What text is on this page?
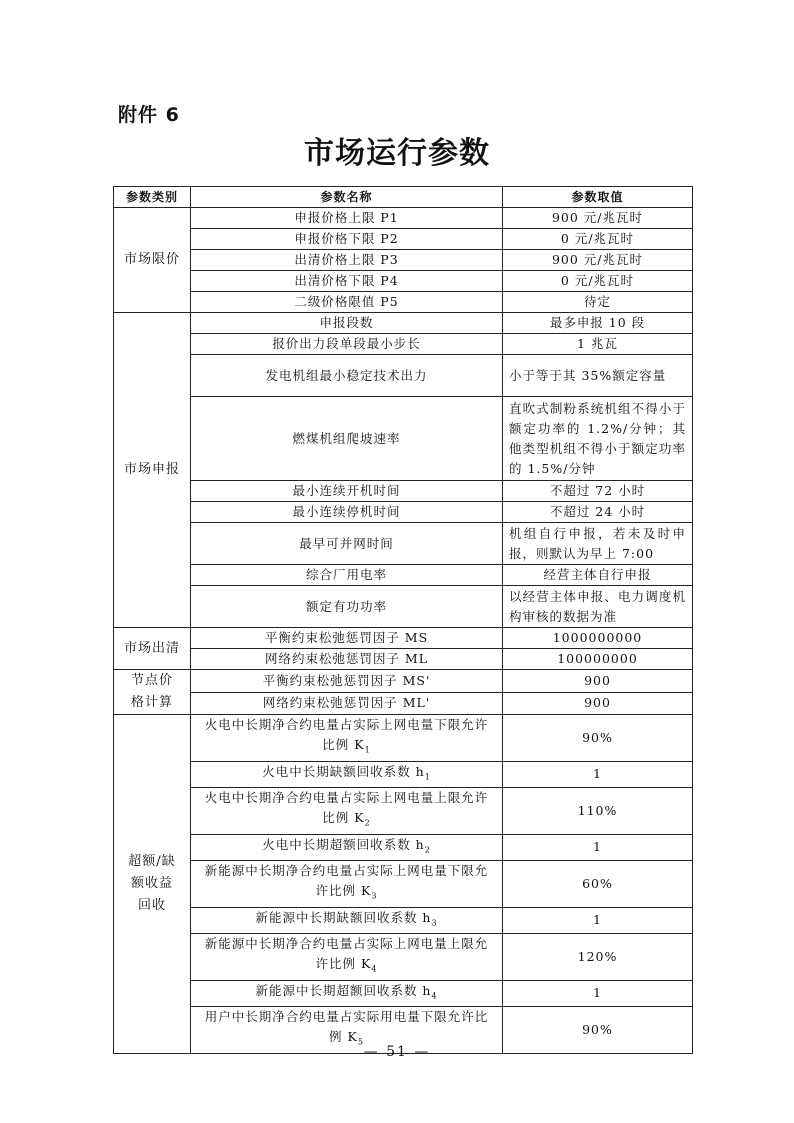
附件 6
市场运行参数
参数类别	参数名称	参数取值
市场限价	申报价格上限 P1	900 元/兆瓦时
	申报价格下限 P2	0 元/兆瓦时
	出清价格上限 P3	900 元/兆瓦时
	出清价格下限 P4	0 元/兆瓦时
	二级价格限值 P5	待定
市场申报	申报段数	最多申报 10 段
	报价出力段单段最小步长	1 兆瓦
	发电机组最小稳定技术出力	小于等于其 35%额定容量
	燃煤机组爬坡速率	直吹式制粉系统机组不得小于额定功率的 1.2%/分钟；其他类型机组不得小于额定功率的 1.5%/分钟
	最小连续开机时间	不超过 72 小时
	最小连续停机时间	不超过 24 小时
	最早可并网时间	机组自行申报，若未及时申报，则默认为早上 7:00
	综合厂用电率	经营主体自行申报
	额定有功功率	以经营主体申报、电力调度机构审核的数据为准
市场出清	平衡约束松弛惩罚因子 MS	1000000000
	网络约束松弛惩罚因子 ML	100000000
节点价格计算	平衡约束松弛惩罚因子 MS'	900
	网络约束松弛惩罚因子 ML'	900
超额/缺额收益回收	火电中长期净合约电量占实际上网电量下限允许比例 $K_1$	90%
	火电中长期缺额回收系数 $h_1$	1
	火电中长期净合约电量占实际上网电量上限允许比例 $K_2$	110%
	火电中长期超额回收系数 $h_2$	1
	新能源中长期净合约电量占实际上网电量下限允许比例 $K_3$	60%
	新能源中长期缺额回收系数 $h_3$	1
	新能源中长期净合约电量占实际上网电量上限允许比例 $K_4$	120%
	新能源中长期超额回收系数 $h_4$	1
	用户中长期净合约电量占实际用电量下限允许比例 $K_5$	90%
— 51 —
